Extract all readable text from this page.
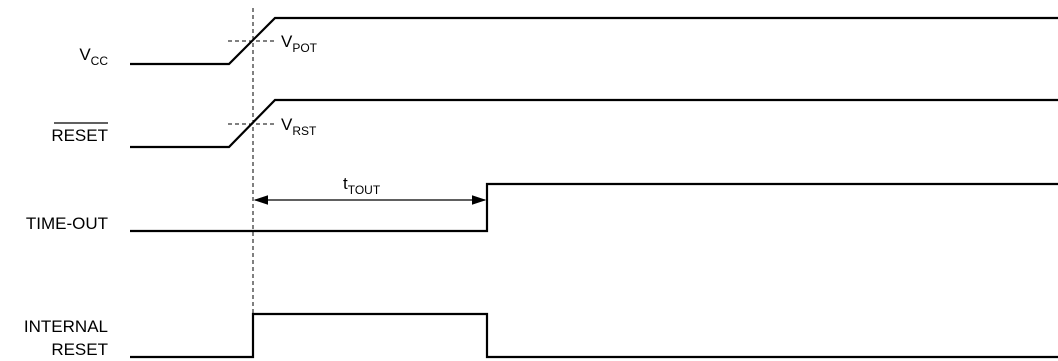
$V_{CC}$
RESET
TIME-OUT
INTERNAL
RESET
$V_{POT}$
$V_{RST}$
$t_{TOUT}$
